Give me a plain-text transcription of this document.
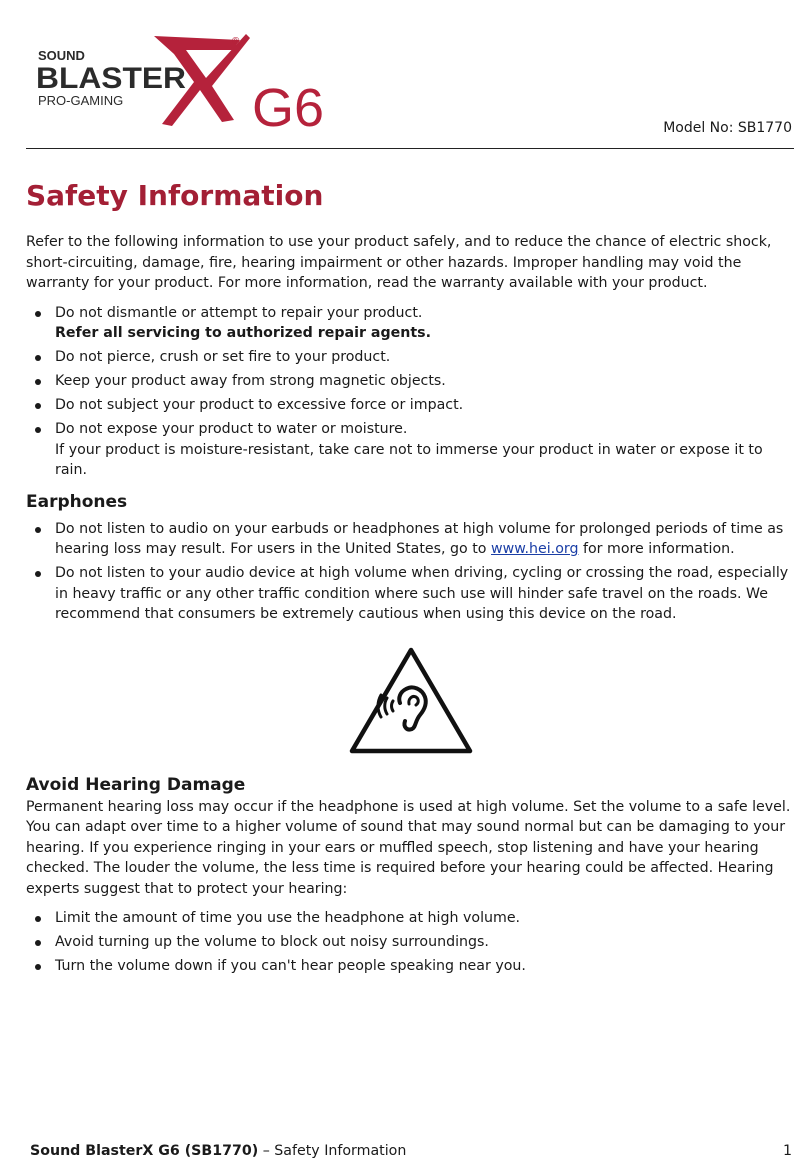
SOUND
BLASTER
PRO-GAMING
®
G6	Model No: SB1770
Safety Information

Refer to the following information to use your product safely, and to reduce the chance of electric shock, short-circuiting, damage, fire, hearing impairment or other hazards. Improper handling may void the warranty for your product. For more information, read the warranty available with your product.

Do not dismantle or attempt to repair your product.
Refer all servicing to authorized repair agents.
Do not pierce, crush or set fire to your product.
Keep your product away from strong magnetic objects.
Do not subject your product to excessive force or impact.
Do not expose your product to water or moisture.
If your product is moisture-resistant, take care not to immerse your product in water or expose it to rain.
Earphones
Do not listen to audio on your earbuds or headphones at high volume for prolonged periods of time as hearing loss may result. For users in the United States, go to www.hei.org for more information.
Do not listen to your audio device at high volume when driving, cycling or crossing the road, especially in heavy traffic or any other traffic condition where such use will hinder safe travel on the roads. We recommend that consumers be extremely cautious when using this device on the road.
Avoid Hearing Damage

Permanent hearing loss may occur if the headphone is used at high volume. Set the volume to a safe level. You can adapt over time to a higher volume of sound that may sound normal but can be damaging to your hearing. If you experience ringing in your ears or muffled speech, stop listening and have your hearing checked. The louder the volume, the less time is required before your hearing could be affected. Hearing experts suggest that to protect your hearing:

Limit the amount of time you use the headphone at high volume.
Avoid turning up the volume to block out noisy surroundings.
Turn the volume down if you can't hear people speaking near you.
Sound BlasterX G6 (SB1770) – Safety Information	1
